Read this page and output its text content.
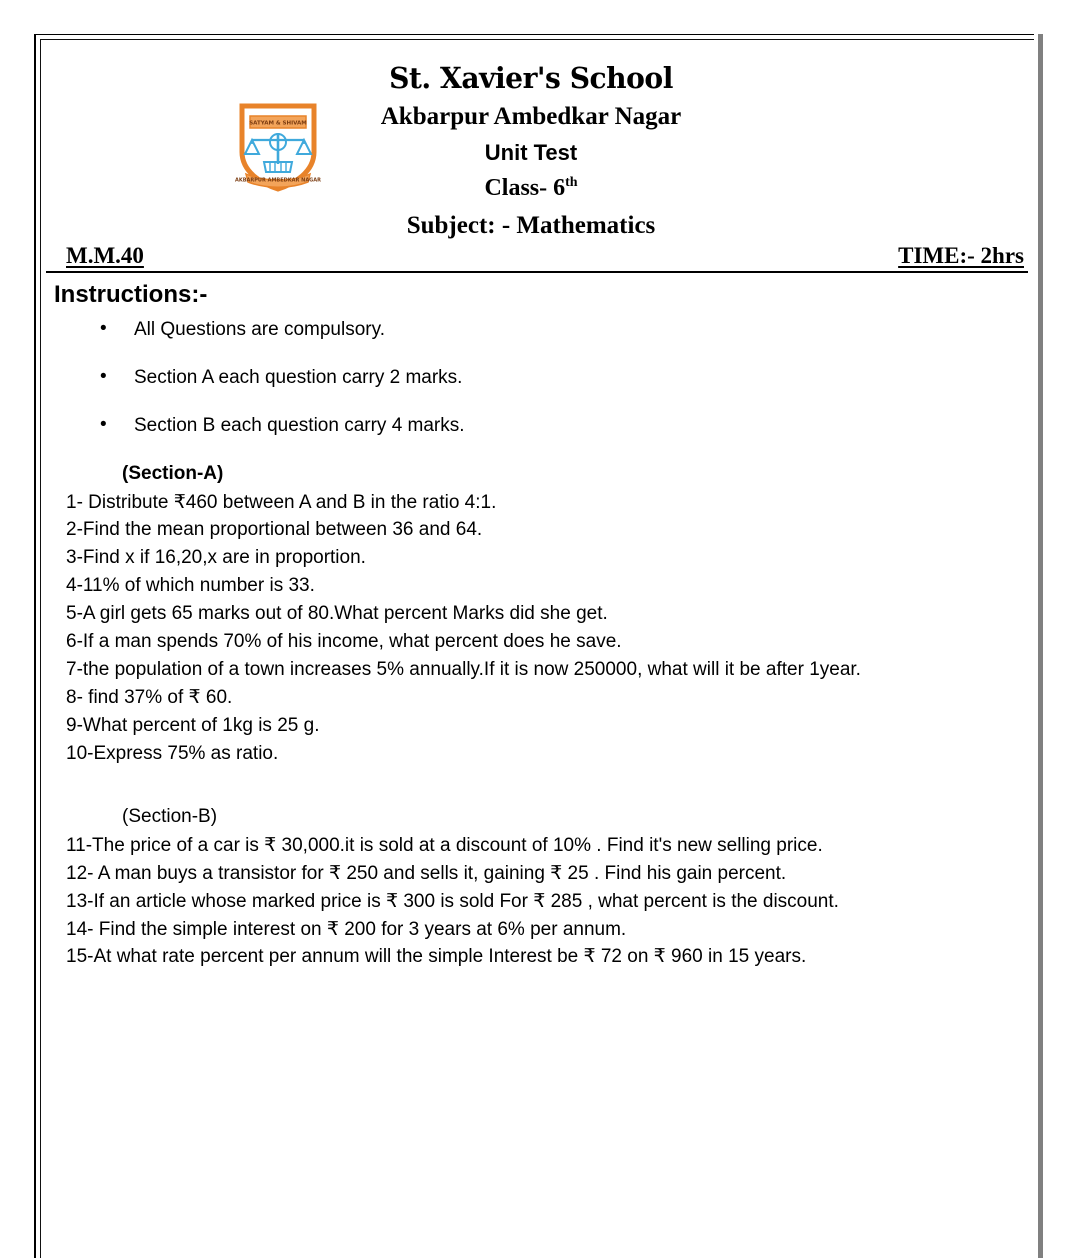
SATYAM & SHIVAM
AKBARPUR AMBEDKAR NAGAR
St. Xavier's School
Akbarpur Ambedkar Nagar
Unit Test
Class- 6th
Subject: - Mathematics
M.M.40	TIME:- 2hrs
Instructions:-
• All Questions are compulsory.
• Section A each question carry 2 marks.
• Section B each question carry 4 marks.
(Section-A)
1- Distribute ₹460 between A and B in the ratio 4:1.
2-Find the mean proportional between 36 and 64.
3-Find x if 16,20,x are in proportion.
4-11% of which number is 33.
5-A girl gets 65 marks out of 80.What percent Marks did she get.
6-If a man spends 70% of his income, what percent does he save.
7-the population of a town increases 5% annually.If it is now 250000, what will it be after 1year.
8- find 37% of ₹ 60.
9-What percent of 1kg is 25 g.
10-Express 75% as ratio.
(Section-B)
11-The price of a car is ₹ 30,000.it is sold at a discount of 10% . Find it's new selling price.
12- A man buys a transistor for ₹ 250 and sells it, gaining ₹ 25 . Find his gain percent.
13-If an article whose marked price is ₹ 300 is sold For ₹ 285 , what percent is the discount.
14- Find the simple interest on ₹ 200 for 3 years at 6% per annum.
15-At what rate percent per annum will the simple Interest be ₹ 72 on ₹ 960 in 15 years.
